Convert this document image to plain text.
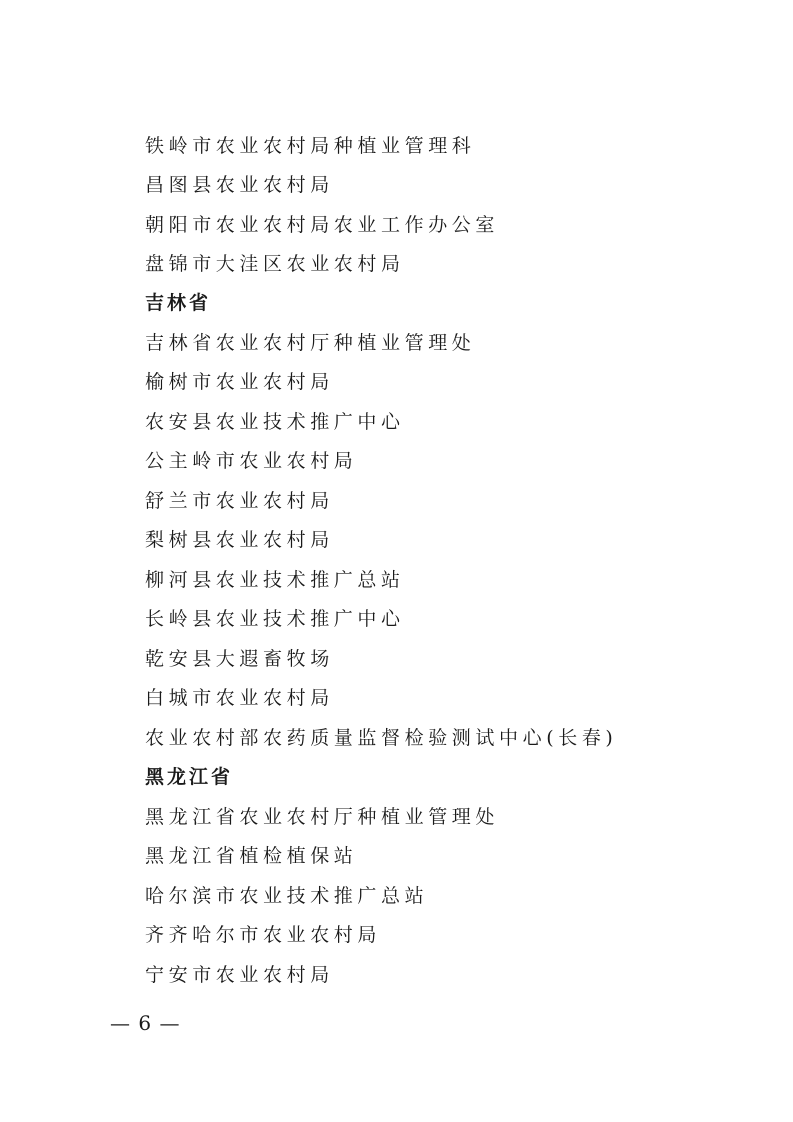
铁岭市农业农村局种植业管理科
昌图县农业农村局
朝阳市农业农村局农业工作办公室
盘锦市大洼区农业农村局
吉林省
吉林省农业农村厅种植业管理处
榆树市农业农村局
农安县农业技术推广中心
公主岭市农业农村局
舒兰市农业农村局
梨树县农业农村局
柳河县农业技术推广总站
长岭县农业技术推广中心
乾安县大遐畜牧场
白城市农业农村局
农业农村部农药质量监督检验测试中心(长春)
黑龙江省
黑龙江省农业农村厅种植业管理处
黑龙江省植检植保站
哈尔滨市农业技术推广总站
齐齐哈尔市农业农村局
宁安市农业农村局
— 6 —
